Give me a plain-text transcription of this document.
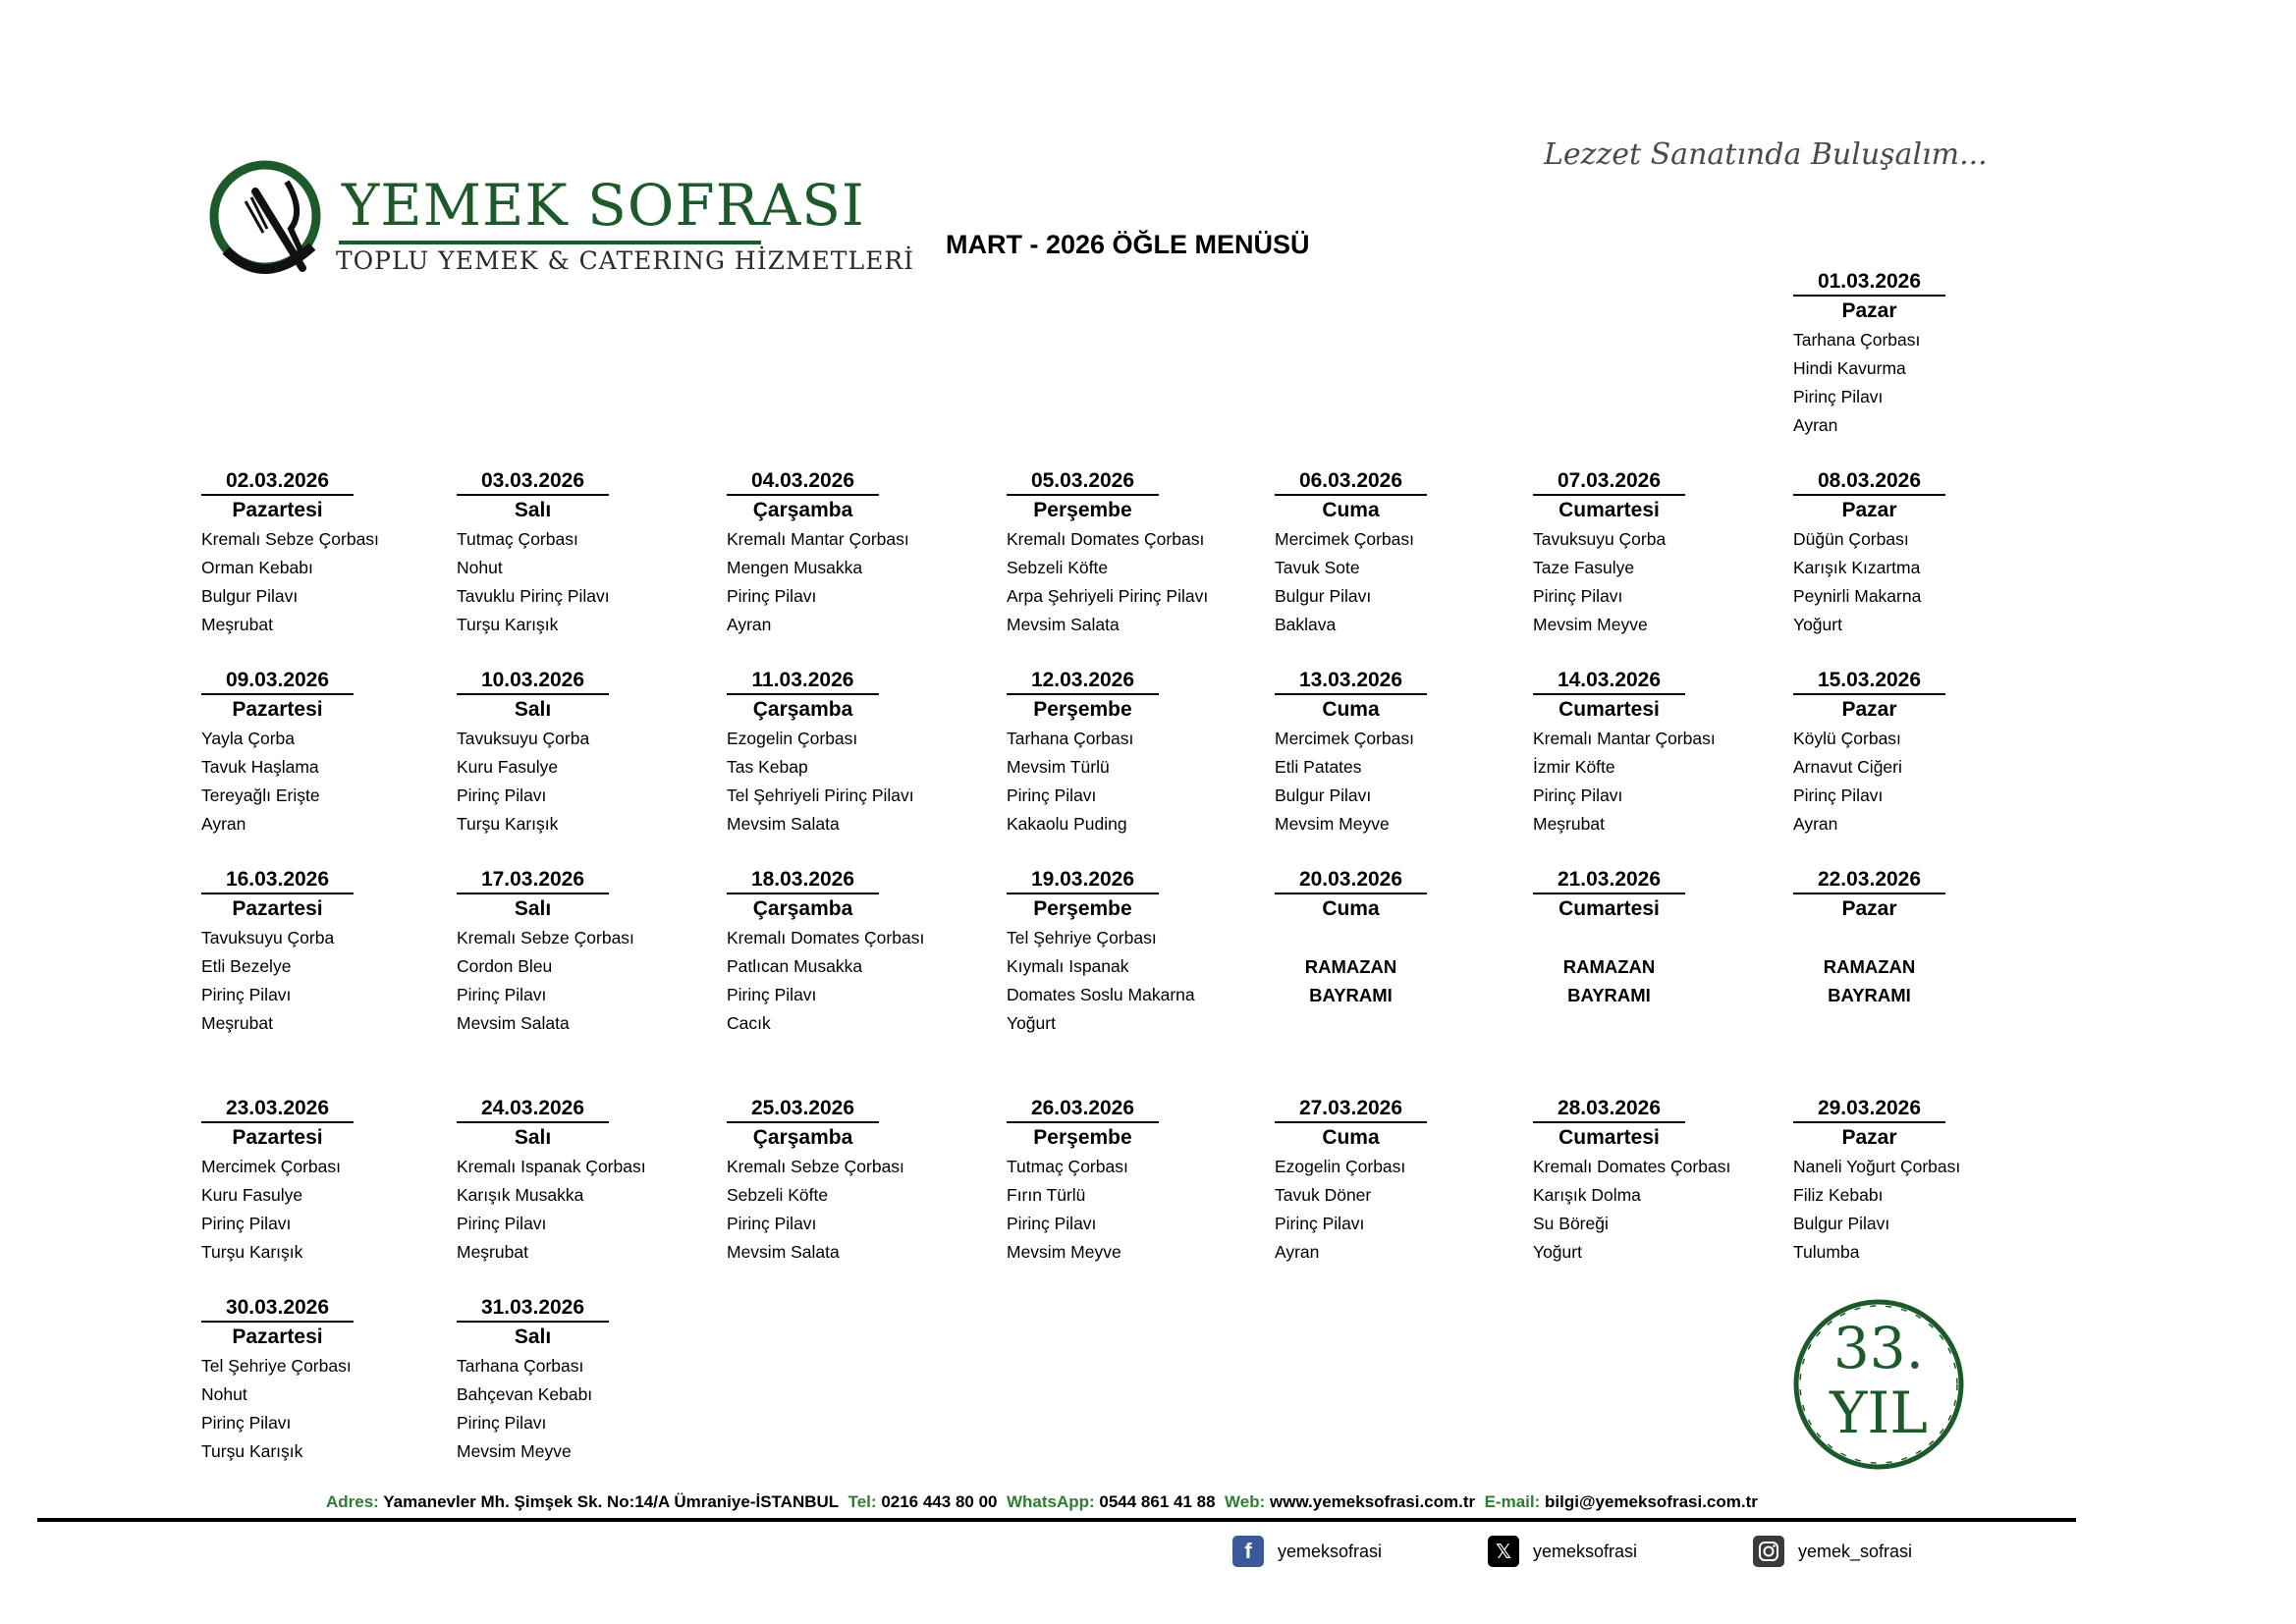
YEMEK SOFRASI
TOPLU YEMEK & CATERING HİZMETLERİ
Lezzet Sanatında Buluşalım...
MART - 2026 ÖĞLE MENÜSÜ
01.03.2026
Pazar
Tarhana Çorbası
Hindi Kavurma
Pirinç Pilavı
Ayran
02.03.2026
Pazartesi
Kremalı Sebze Çorbası
Orman Kebabı
Bulgur Pilavı
Meşrubat
03.03.2026
Salı
Tutmaç Çorbası
Nohut
Tavuklu Pirinç Pilavı
Turşu Karışık
04.03.2026
Çarşamba
Kremalı Mantar Çorbası
Mengen Musakka
Pirinç Pilavı
Ayran
05.03.2026
Perşembe
Kremalı Domates Çorbası
Sebzeli Köfte
Arpa Şehriyeli Pirinç Pilavı
Mevsim Salata
06.03.2026
Cuma
Mercimek Çorbası
Tavuk Sote
Bulgur Pilavı
Baklava
07.03.2026
Cumartesi
Tavuksuyu Çorba
Taze Fasulye
Pirinç Pilavı
Mevsim Meyve
08.03.2026
Pazar
Düğün Çorbası
Karışık Kızartma
Peynirli Makarna
Yoğurt
09.03.2026
Pazartesi
Yayla Çorba
Tavuk Haşlama
Tereyağlı Erişte
Ayran
10.03.2026
Salı
Tavuksuyu Çorba
Kuru Fasulye
Pirinç Pilavı
Turşu Karışık
11.03.2026
Çarşamba
Ezogelin Çorbası
Tas Kebap
Tel Şehriyeli Pirinç Pilavı
Mevsim Salata
12.03.2026
Perşembe
Tarhana Çorbası
Mevsim Türlü
Pirinç Pilavı
Kakaolu Puding
13.03.2026
Cuma
Mercimek Çorbası
Etli Patates
Bulgur Pilavı
Mevsim Meyve
14.03.2026
Cumartesi
Kremalı Mantar Çorbası
İzmir Köfte
Pirinç Pilavı
Meşrubat
15.03.2026
Pazar
Köylü Çorbası
Arnavut Ciğeri
Pirinç Pilavı
Ayran
16.03.2026
Pazartesi
Tavuksuyu Çorba
Etli Bezelye
Pirinç Pilavı
Meşrubat
17.03.2026
Salı
Kremalı Sebze Çorbası
Cordon Bleu
Pirinç Pilavı
Mevsim Salata
18.03.2026
Çarşamba
Kremalı Domates Çorbası
Patlıcan Musakka
Pirinç Pilavı
Cacık
19.03.2026
Perşembe
Tel Şehriye Çorbası
Kıymalı Ispanak
Domates Soslu Makarna
Yoğurt
20.03.2026
Cuma
RAMAZAN
BAYRAMI
21.03.2026
Cumartesi
RAMAZAN
BAYRAMI
22.03.2026
Pazar
RAMAZAN
BAYRAMI
23.03.2026
Pazartesi
Mercimek Çorbası
Kuru Fasulye
Pirinç Pilavı
Turşu Karışık
24.03.2026
Salı
Kremalı Ispanak Çorbası
Karışık Musakka
Pirinç Pilavı
Meşrubat
25.03.2026
Çarşamba
Kremalı Sebze Çorbası
Sebzeli Köfte
Pirinç Pilavı
Mevsim Salata
26.03.2026
Perşembe
Tutmaç Çorbası
Fırın Türlü
Pirinç Pilavı
Mevsim Meyve
27.03.2026
Cuma
Ezogelin Çorbası
Tavuk Döner
Pirinç Pilavı
Ayran
28.03.2026
Cumartesi
Kremalı Domates Çorbası
Karışık Dolma
Su Böreği
Yoğurt
29.03.2026
Pazar
Naneli Yoğurt Çorbası
Filiz Kebabı
Bulgur Pilavı
Tulumba
30.03.2026
Pazartesi
Tel Şehriye Çorbası
Nohut
Pirinç Pilavı
Turşu Karışık
31.03.2026
Salı
Tarhana Çorbası
Bahçevan Kebabı
Pirinç Pilavı
Mevsim Meyve
33.
YIL
Adres: Yamanevler Mh. Şimşek Sk. No:14/A Ümraniye-İSTANBUL Tel: 0216 443 80 00 WhatsApp: 0544 861 41 88 Web: www.yemeksofrasi.com.tr E-mail: bilgi@yemeksofrasi.com.tr
f	yemeksofrasi	𝕏	yemeksofrasi	yemek_sofrasi
